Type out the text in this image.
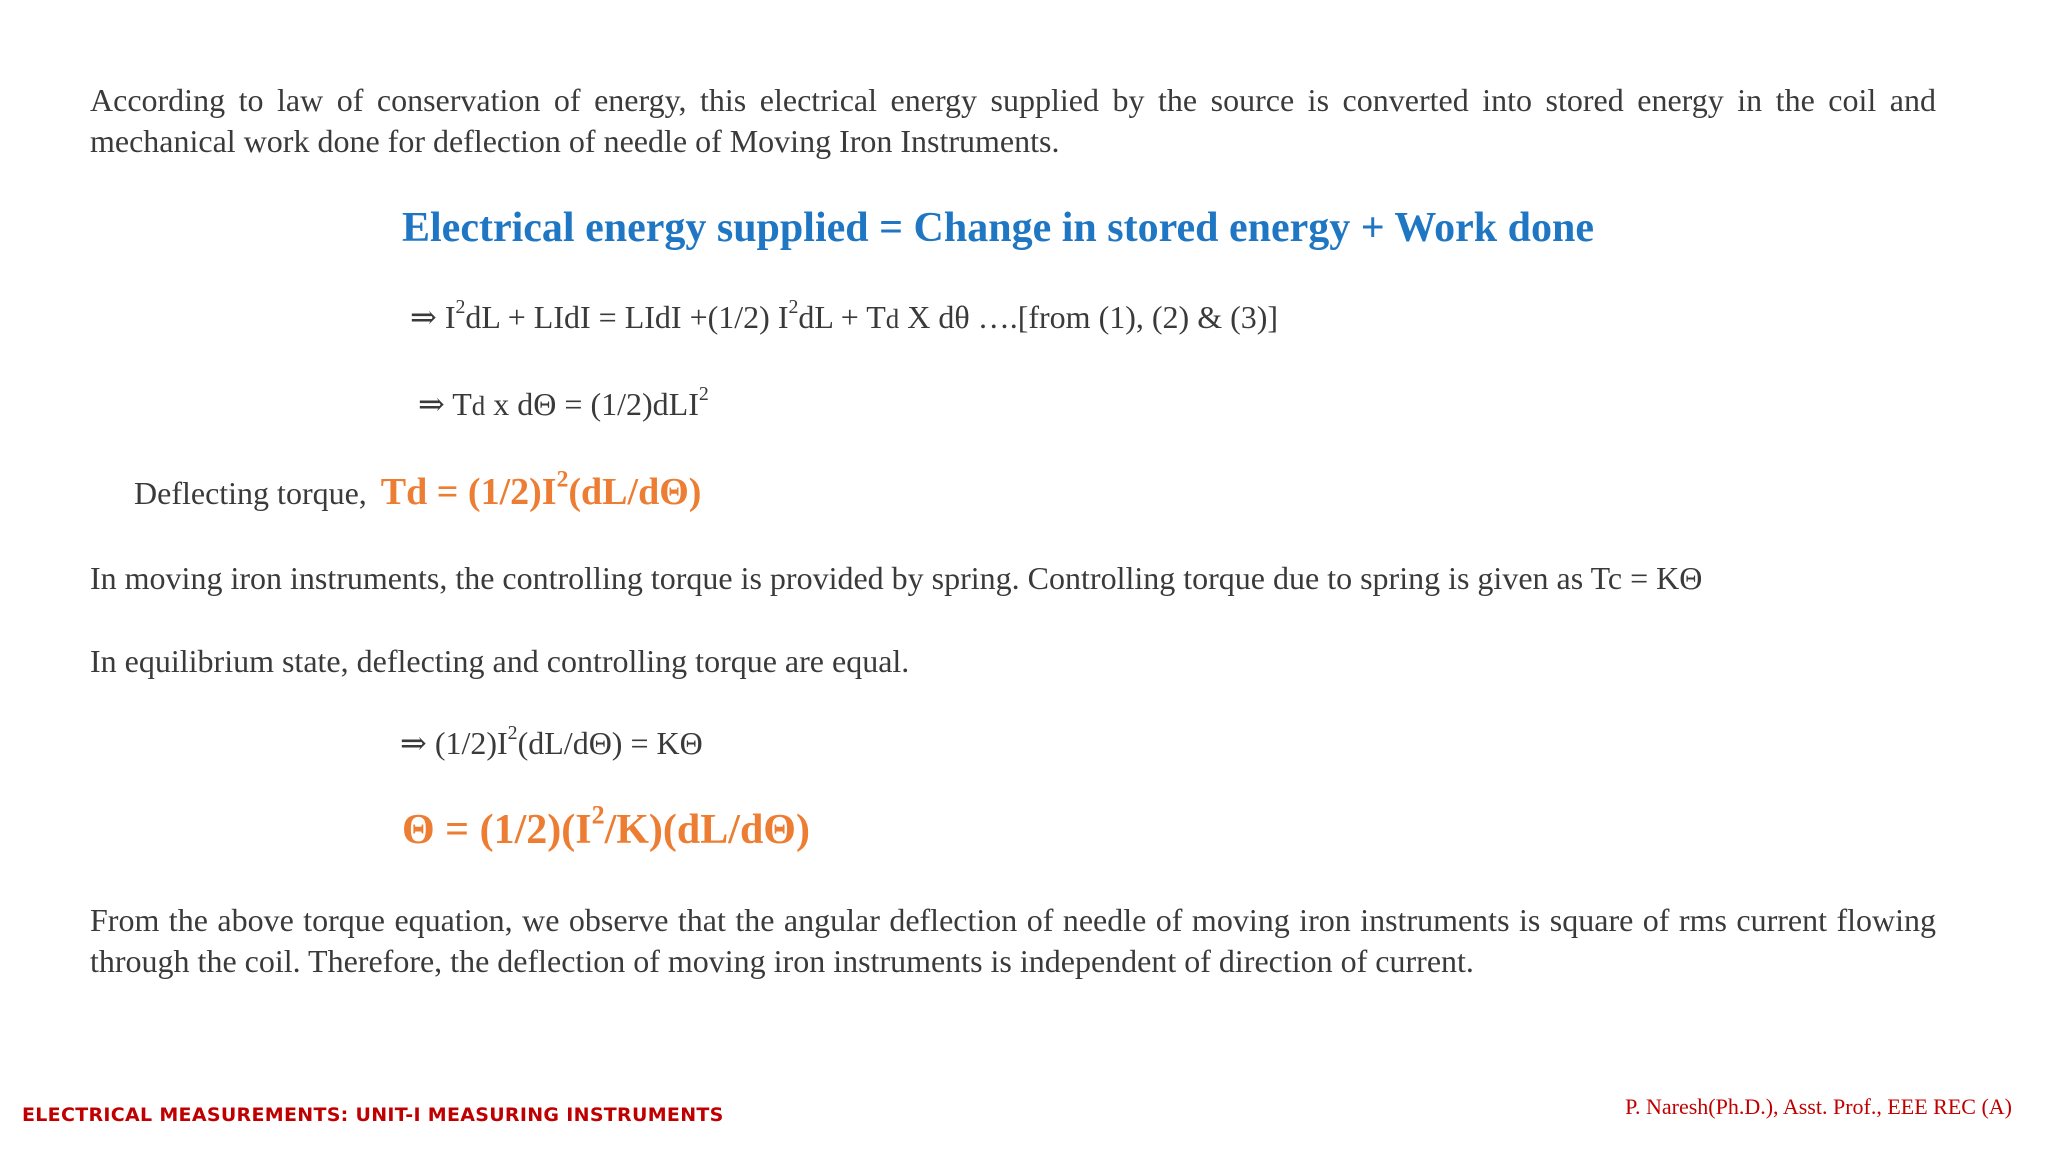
According to law of conservation of energy, this electrical energy supplied by the source is converted into stored energy in the coil and mechanical work done for deflection of needle of Moving Iron Instruments.
Electrical energy supplied = Change in stored energy + Work done
⇒ $I^2dL$ + LIdI = LIdI +(1/2) $I^2dL + Td$ X dθ ….[from (1), (2) & (3)]
⇒ Td x dΘ = (1/2)dLI$^2$
Deflecting torque, $Td = (1/2)I^2(dL/d\Theta)$
In moving iron instruments, the controlling torque is provided by spring. Controlling torque due to spring is given as Tc = KΘ
In equilibrium state, deflecting and controlling torque are equal.
⇒ $(1/2)I^2(dL/d\Theta) = K\Theta$
$\Theta = (1/2)(I^2/K)(dL/d\Theta)$
From the above torque equation, we observe that the angular deflection of needle of moving iron instruments is square of rms current flowing through the coil. Therefore, the deflection of moving iron instruments is independent of direction of current.
ELECTRICAL MEASUREMENTS: UNIT-I MEASURING INSTRUMENTS	P. Naresh(Ph.D.), Asst. Prof., EEE REC (A)
